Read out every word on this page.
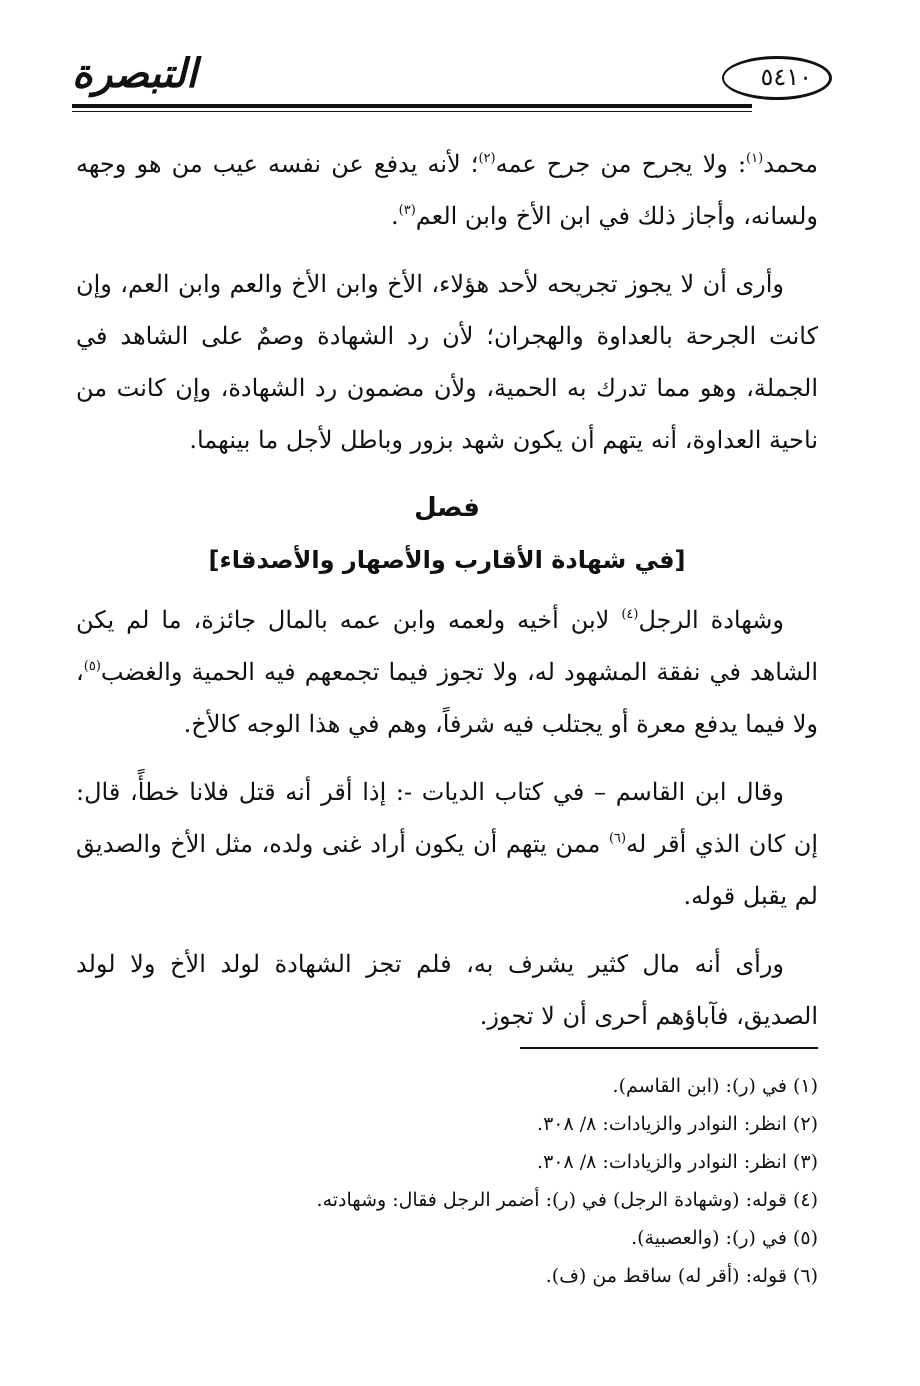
التبصرة	٥٤١٠

محمد$^{(١)}$: ولا يجرح من جرح عمه$^{(٢)}$؛ لأنه يدفع عن نفسه عيب من هو وجهه ولسانه، وأجاز ذلك في ابن الأخ وابن العم$^{(٣)}$.

وأرى أن لا يجوز تجريحه لأحد هؤلاء، الأخ وابن الأخ والعم وابن العم، وإن كانت الجرحة بالعداوة والهجران؛ لأن رد الشهادة وصمٌ على الشاهد في الجملة، وهو مما تدرك به الحمية، ولأن مضمون رد الشهادة، وإن كانت من ناحية العداوة، أنه يتهم أن يكون شهد بزور وباطل لأجل ما بينهما.

فصل

[في شهادة الأقارب والأصهار والأصدقاء]

وشهادة الرجل$^{(٤)}$ لابن أخيه ولعمه وابن عمه بالمال جائزة، ما لم يكن الشاهد في نفقة المشهود له، ولا تجوز فيما تجمعهم فيه الحمية والغضب$^{(٥)}$، ولا فيما يدفع معرة أو يجتلب فيه شرفاً، وهم في هذا الوجه كالأخ.

وقال ابن القاسم – في كتاب الديات -: إذا أقر أنه قتل فلانا خطأً، قال: إن كان الذي أقر له$^{(٦)}$ ممن يتهم أن يكون أراد غنى ولده، مثل الأخ والصديق لم يقبل قوله.

ورأى أنه مال كثير يشرف به، فلم تجز الشهادة لولد الأخ ولا لولد الصديق، فآباؤهم أحرى أن لا تجوز.

(١) في (ر): (ابن القاسم).

(٢) انظر: النوادر والزيادات: ٨/ ٣٠٨.

(٣) انظر: النوادر والزيادات: ٨/ ٣٠٨.

(٤) قوله: (وشهادة الرجل) في (ر): أضمر الرجل فقال: وشهادته.

(٥) في (ر): (والعصبية).

(٦) قوله: (أقر له) ساقط من (ف).
